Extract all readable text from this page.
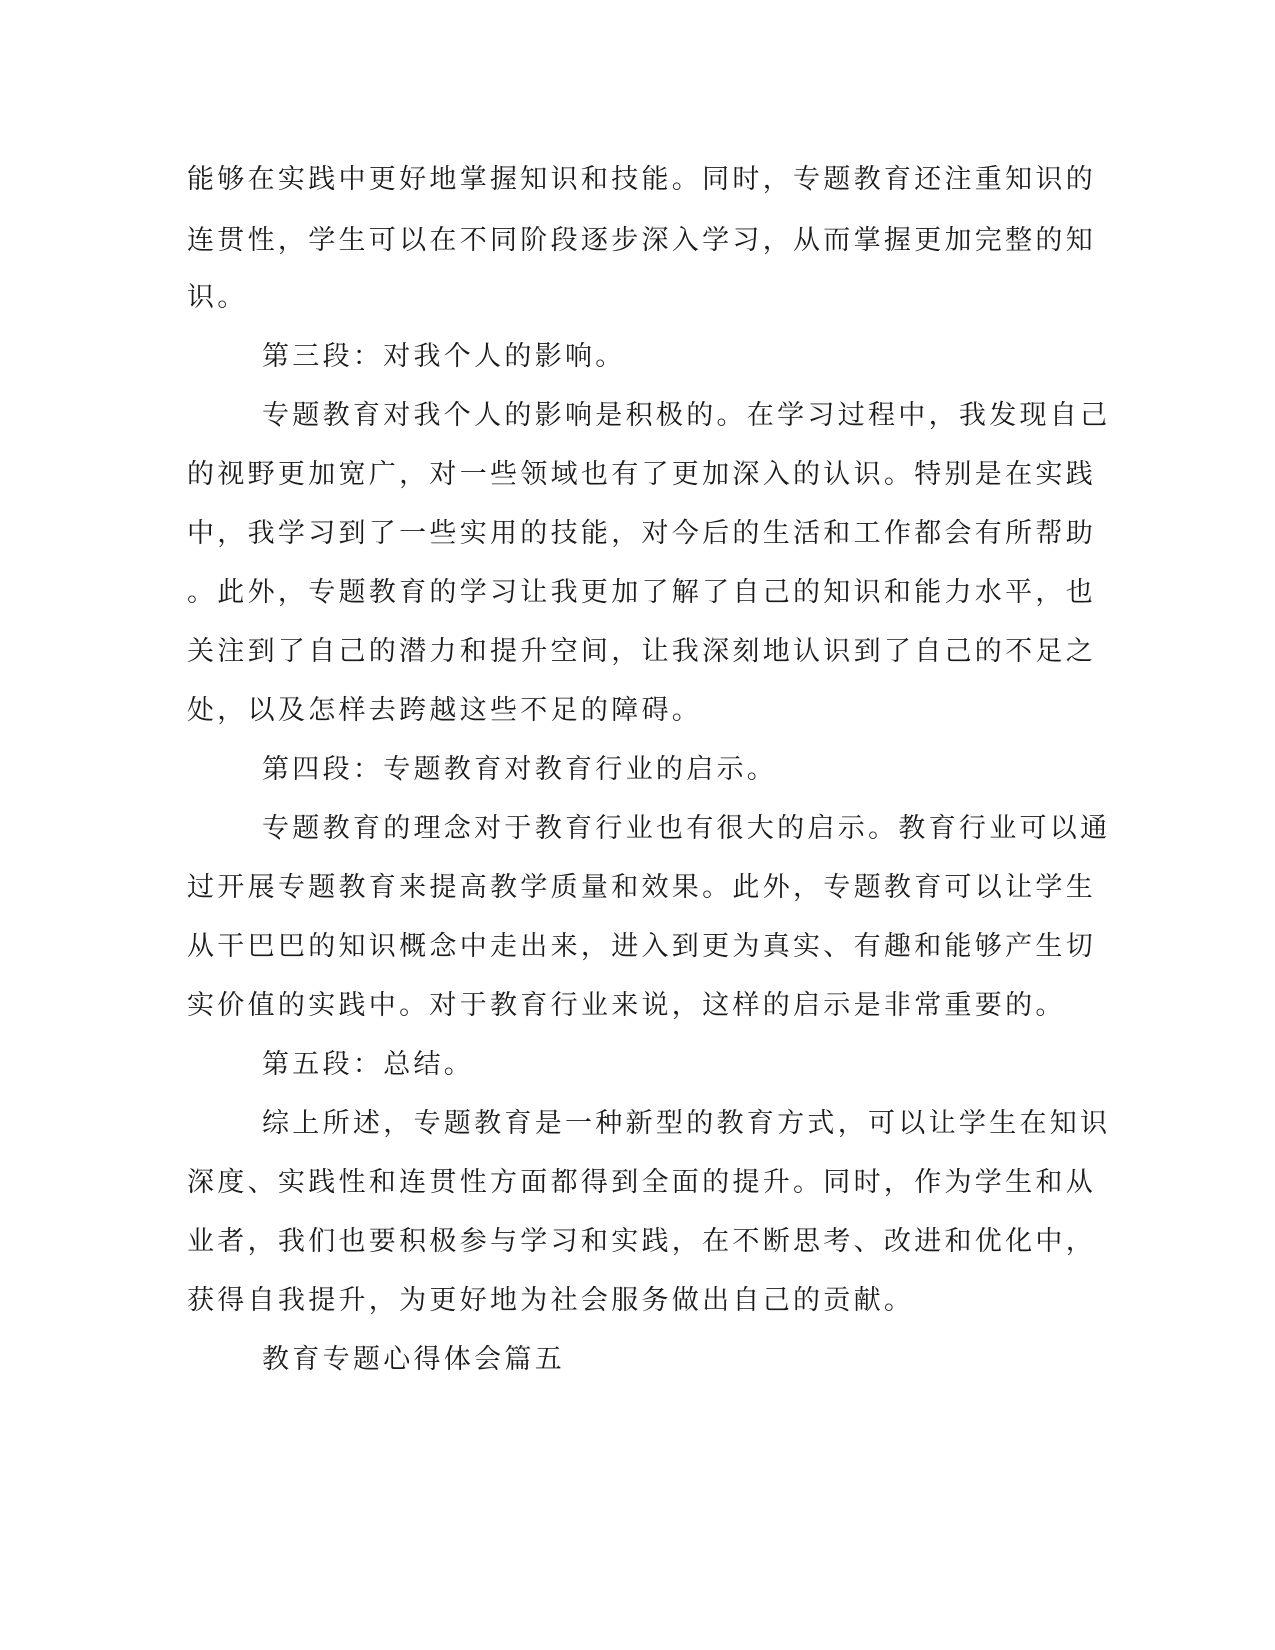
能够在实践中更好地掌握知识和技能。同时，专题教育还注重知识的
连贯性，学生可以在不同阶段逐步深入学习，从而掌握更加完整的知
识。
第三段：对我个人的影响。
专题教育对我个人的影响是积极的。在学习过程中，我发现自己
的视野更加宽广，对一些领域也有了更加深入的认识。特别是在实践
中，我学习到了一些实用的技能，对今后的生活和工作都会有所帮助
。此外，专题教育的学习让我更加了解了自己的知识和能力水平，也
关注到了自己的潜力和提升空间，让我深刻地认识到了自己的不足之
处，以及怎样去跨越这些不足的障碍。
第四段：专题教育对教育行业的启示。
专题教育的理念对于教育行业也有很大的启示。教育行业可以通
过开展专题教育来提高教学质量和效果。此外，专题教育可以让学生
从干巴巴的知识概念中走出来，进入到更为真实、有趣和能够产生切
实价值的实践中。对于教育行业来说，这样的启示是非常重要的。
第五段：总结。
综上所述，专题教育是一种新型的教育方式，可以让学生在知识
深度、实践性和连贯性方面都得到全面的提升。同时，作为学生和从
业者，我们也要积极参与学习和实践，在不断思考、改进和优化中，
获得自我提升，为更好地为社会服务做出自己的贡献。
教育专题心得体会篇五
